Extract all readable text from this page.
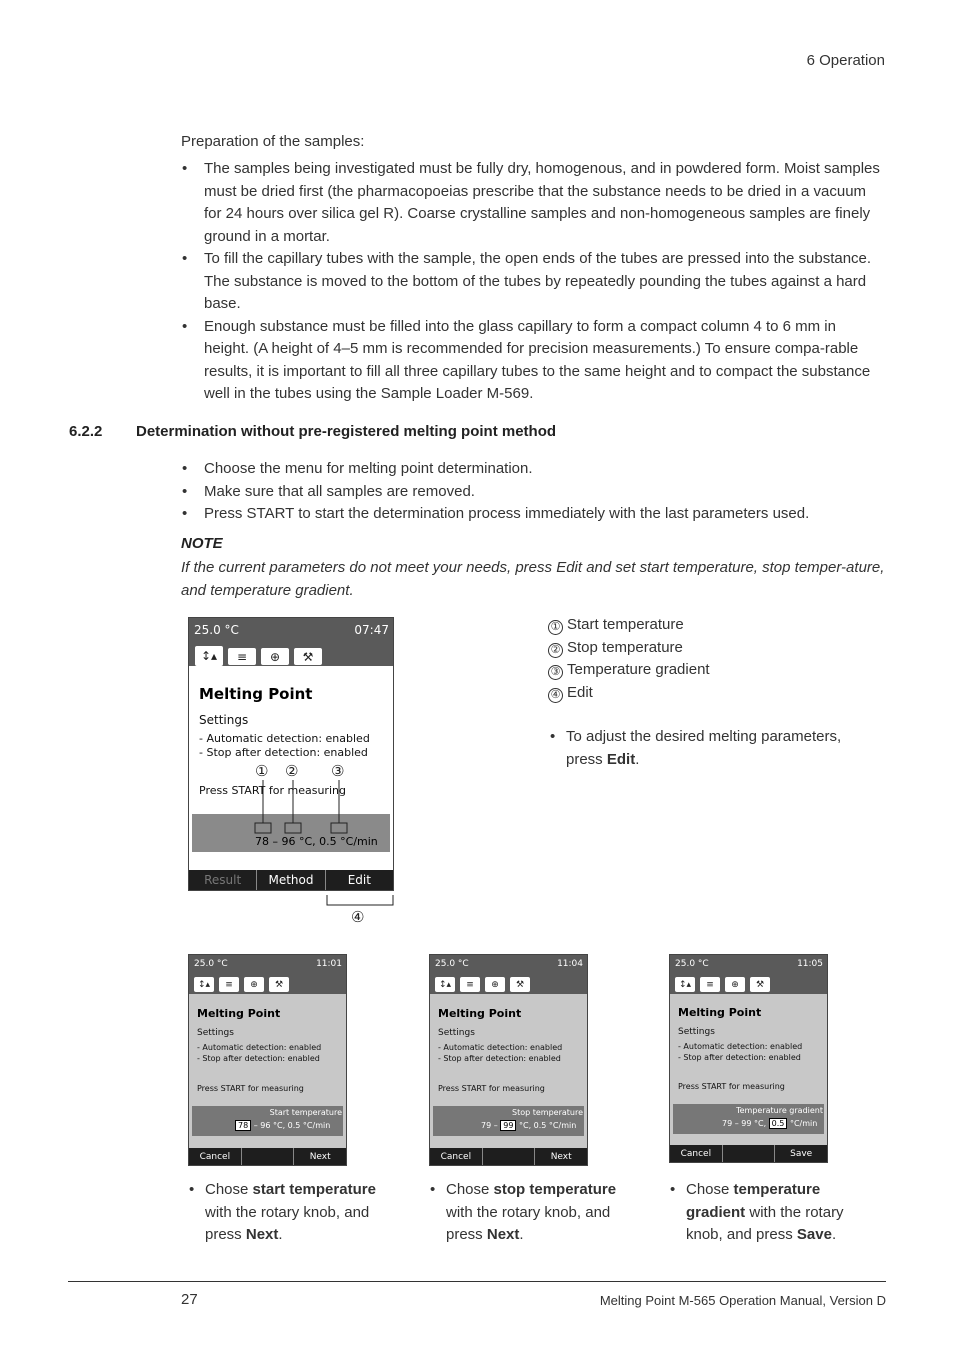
6 Operation
Preparation of the samples:
• The samples being investigated must be fully dry, homogenous, and in powdered form. Moist samples must be dried first (the pharmacopoeias prescribe that the substance needs to be dried in a vacuum for 24 hours over silica gel R). Coarse crystalline samples and non-homogeneous samples are finely ground in a mortar.
• To fill the capillary tubes with the sample, the open ends of the tubes are pressed into the substance. The substance is moved to the bottom of the tubes by repeatedly pounding the tubes against a hard base.
• Enough substance must be filled into the glass capillary to form a compact column 4 to 6 mm in height. (A height of 4–5 mm is recommended for precision measurements.) To ensure compa-rable results, it is important to fill all three capillary tubes to the same height and to compact the substance well in the tubes using the Sample Loader M-569.
6.2.2 Determination without pre-registered melting point method
• Choose the menu for melting point determination.
• Make sure that all samples are removed.
• Press START to start the determination process immediately with the last parameters used.
NOTE
If the current parameters do not meet your needs, press Edit and set start temperature, stop temper-ature, and temperature gradient.
25.0 °C	07:47
↕▴	≡	⊕	⚒
Melting Point
Settings
- Automatic detection: enabled
- Stop after detection: enabled
Press START for measuring
78 – 96 °C, 0.5 °C/min
Result	Method	Edit
① ② ③
④
① Start temperature
② Stop temperature
③ Temperature gradient
④ Edit
• To adjust the desired melting parameters, press Edit.
25.0 °C	11:01
↕▴	≡	⊕	⚒
Melting Point
Settings
- Automatic detection: enabled
- Stop after detection: enabled
Press START for measuring
Start temperature
78 – 96 °C, 0.5 °C/min
Cancel	Next
25.0 °C	11:04
↕▴	≡	⊕	⚒
Melting Point
Settings
- Automatic detection: enabled
- Stop after detection: enabled
Press START for measuring
Stop temperature
79 – 99 °C, 0.5 °C/min
Cancel	Next
25.0 °C	11:05
↕▴	≡	⊕	⚒
Melting Point
Settings
- Automatic detection: enabled
- Stop after detection: enabled
Press START for measuring
Temperature gradient
79 – 99 °C, 0.5 °C/min
Cancel	Save
• Chose start temperature with the rotary knob, and press Next.
• Chose stop temperature with the rotary knob, and press Next.
• Chose temperature gradient with the rotary knob, and press Save.
27	Melting Point M-565 Operation Manual, Version D
